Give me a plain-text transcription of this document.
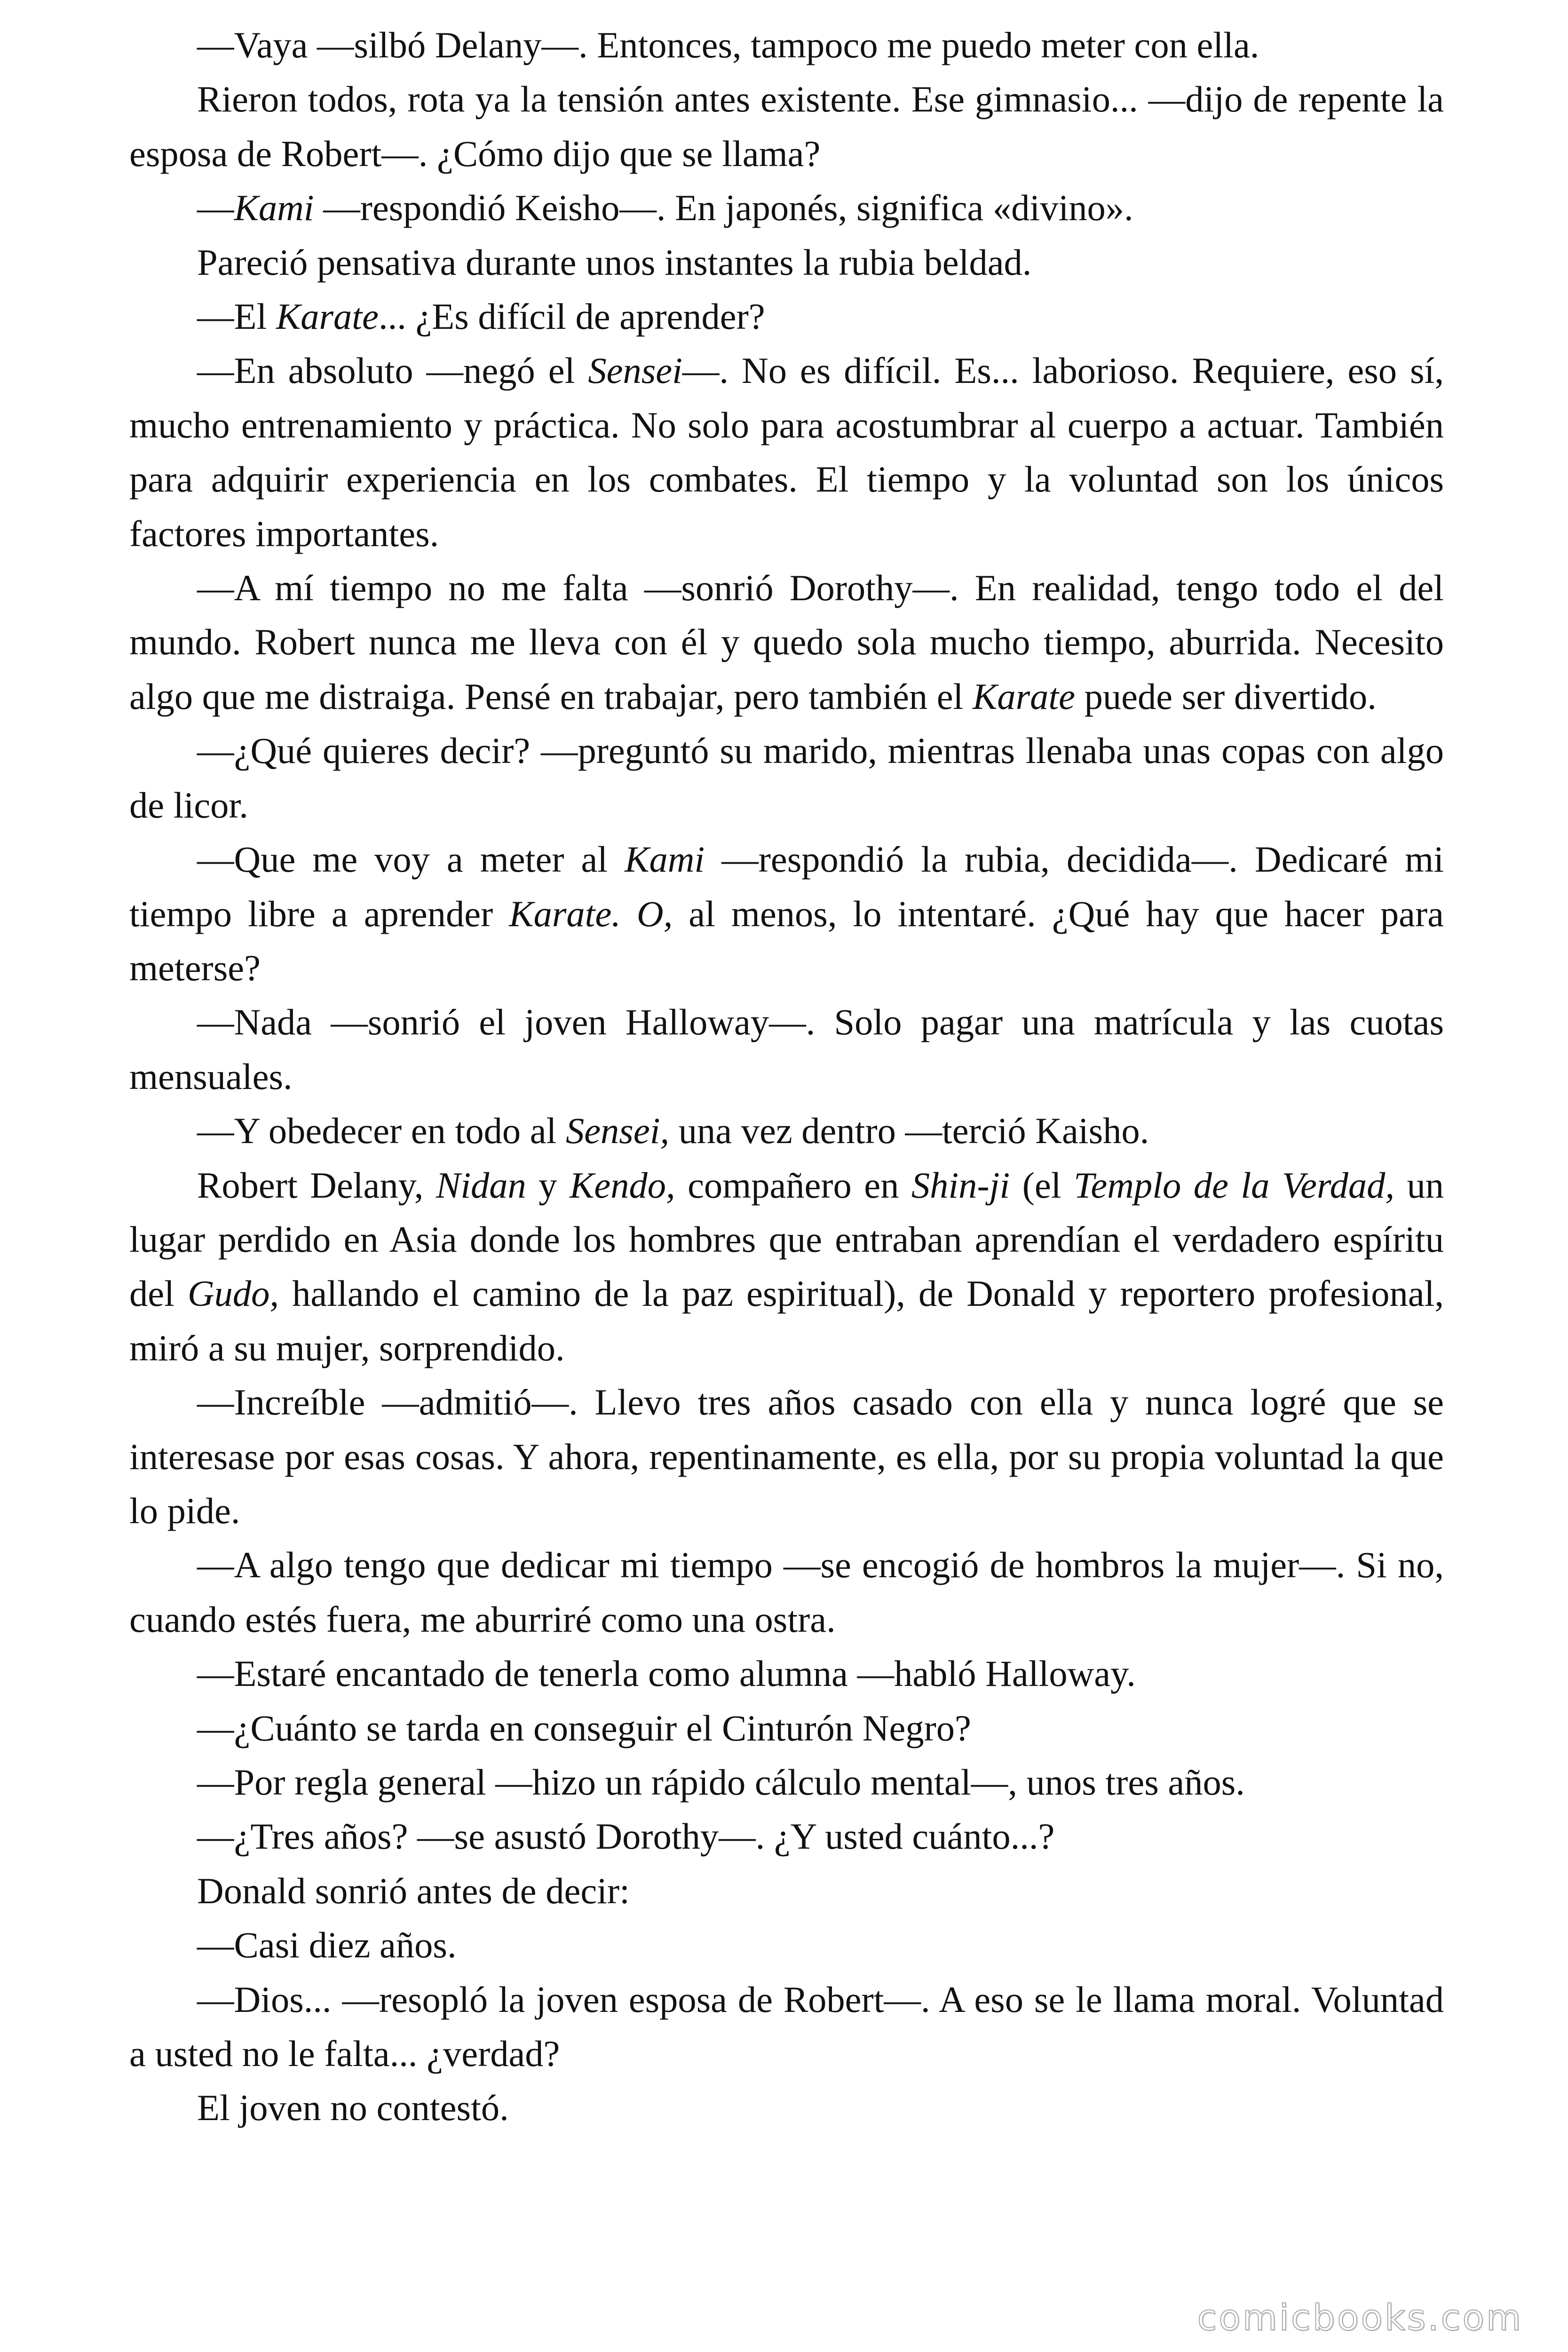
—Vaya —silbó Delany—. Entonces, tampoco me puedo meter con ella.

Rieron todos, rota ya la tensión antes existente. Ese gimnasio... —dijo de repente la esposa de Robert—. ¿Cómo dijo que se llama?

—Kami —respondió Keisho—. En japonés, significa «divino».

Pareció pensativa durante unos instantes la rubia beldad.

—El Karate... ¿Es difícil de aprender?

—En absoluto —negó el Sensei—. No es difícil. Es... laborioso. Requiere, eso sí, mucho entrenamiento y práctica. No solo para acostumbrar al cuerpo a actuar. También para adquirir experiencia en los combates. El tiempo y la voluntad son los únicos factores importantes.

—A mí tiempo no me falta —sonrió Dorothy—. En realidad, tengo todo el del mundo. Robert nunca me lleva con él y quedo sola mucho tiempo, aburrida. Necesito algo que me distraiga. Pensé en trabajar, pero también el Karate puede ser divertido.

—¿Qué quieres decir? —preguntó su marido, mientras llenaba unas copas con algo de licor.

—Que me voy a meter al Kami —respondió la rubia, decidida—. Dedicaré mi tiempo libre a aprender Karate. O, al menos, lo intentaré. ¿Qué hay que hacer para meterse?

—Nada —sonrió el joven Halloway—. Solo pagar una matrícula y las cuotas mensuales.

—Y obedecer en todo al Sensei, una vez dentro —terció Kaisho.

Robert Delany, Nidan y Kendo, compañero en Shin-ji (el Templo de la Verdad, un lugar perdido en Asia donde los hombres que entraban aprendían el verdadero espíritu del Gudo, hallando el camino de la paz espiritual), de Donald y reportero profesional, miró a su mujer, sorprendido.

—Increíble —admitió—. Llevo tres años casado con ella y nunca logré que se interesase por esas cosas. Y ahora, repentinamente, es ella, por su propia voluntad la que lo pide.

—A algo tengo que dedicar mi tiempo —se encogió de hombros la mujer—. Si no, cuando estés fuera, me aburriré como una ostra.

—Estaré encantado de tenerla como alumna —habló Halloway.

—¿Cuánto se tarda en conseguir el Cinturón Negro?

—Por regla general —hizo un rápido cálculo mental—, unos tres años.

—¿Tres años? —se asustó Dorothy—. ¿Y usted cuánto...?

Donald sonrió antes de decir:

—Casi diez años.

—Dios... —resopló la joven esposa de Robert—. A eso se le llama moral. Voluntad a usted no le falta... ¿verdad?

El joven no contestó.

comicbooks.com
